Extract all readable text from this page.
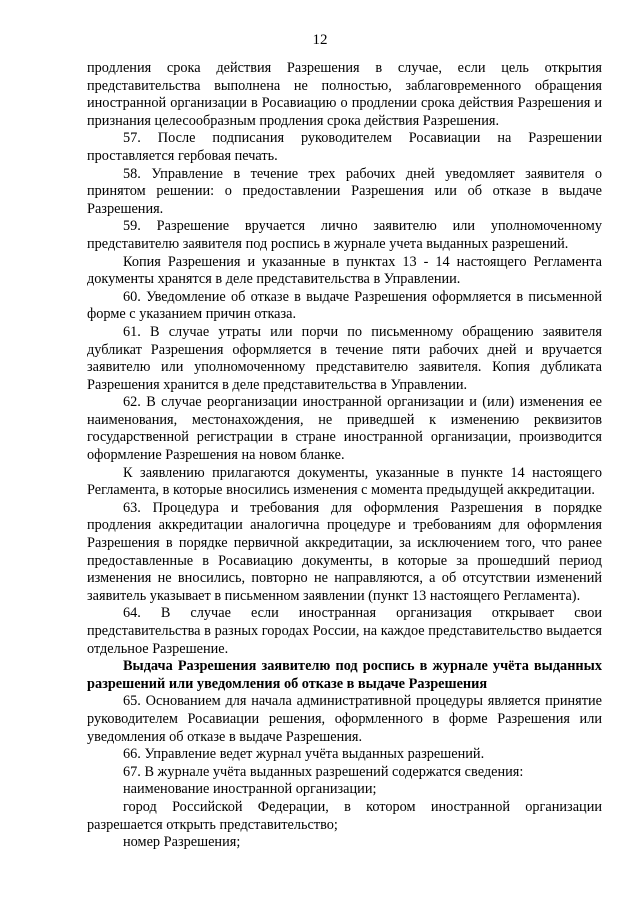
12

продления срока действия Разрешения в случае, если цель открытия представительства выполнена не полностью, заблаговременного обращения иностранной организации в Росавиацию о продлении срока действия Разрешения и признания целесообразным продления срока действия Разрешения.

57. После подписания руководителем Росавиации на Разрешении проставляется гербовая печать.

58. Управление в течение трех рабочих дней уведомляет заявителя о принятом решении: о предоставлении Разрешения или об отказе в выдаче Разрешения.

59. Разрешение вручается лично заявителю или уполномоченному представителю заявителя под роспись в журнале учета выданных разрешений.

Копия Разрешения и указанные в пунктах 13 - 14 настоящего Регламента документы хранятся в деле представительства в Управлении.

60. Уведомление об отказе в выдаче Разрешения оформляется в письменной форме с указанием причин отказа.

61. В случае утраты или порчи по письменному обращению заявителя дубликат Разрешения оформляется в течение пяти рабочих дней и вручается заявителю или уполномоченному представителю заявителя. Копия дубликата Разрешения хранится в деле представительства в Управлении.

62. В случае реорганизации иностранной организации и (или) изменения ее наименования, местонахождения, не приведшей к изменению реквизитов государственной регистрации в стране иностранной организации, производится оформление Разрешения на новом бланке.

К заявлению прилагаются документы, указанные в пункте 14 настоящего Регламента, в которые вносились изменения с момента предыдущей аккредитации.

63. Процедура и требования для оформления Разрешения в порядке продления аккредитации аналогична процедуре и требованиям для оформления Разрешения в порядке первичной аккредитации, за исключением того, что ранее предоставленные в Росавиацию документы, в которые за прошедший период изменения не вносились, повторно не направляются, а об отсутствии изменений заявитель указывает в письменном заявлении (пункт 13 настоящего Регламента).

64. В случае если иностранная организация открывает свои представительства в разных городах России, на каждое представительство выдается отдельное Разрешение.

Выдача Разрешения заявителю под роспись в журнале учёта выданных разрешений или уведомления об отказе в выдаче Разрешения

65. Основанием для начала административной процедуры является принятие руководителем Росавиации решения, оформленного в форме Разрешения или уведомления об отказе в выдаче Разрешения.

66. Управление ведет журнал учёта выданных разрешений.

67. В журнале учёта выданных разрешений содержатся сведения:

наименование иностранной организации;

город Российской Федерации, в котором иностранной организации разрешается открыть представительство;

номер Разрешения;
